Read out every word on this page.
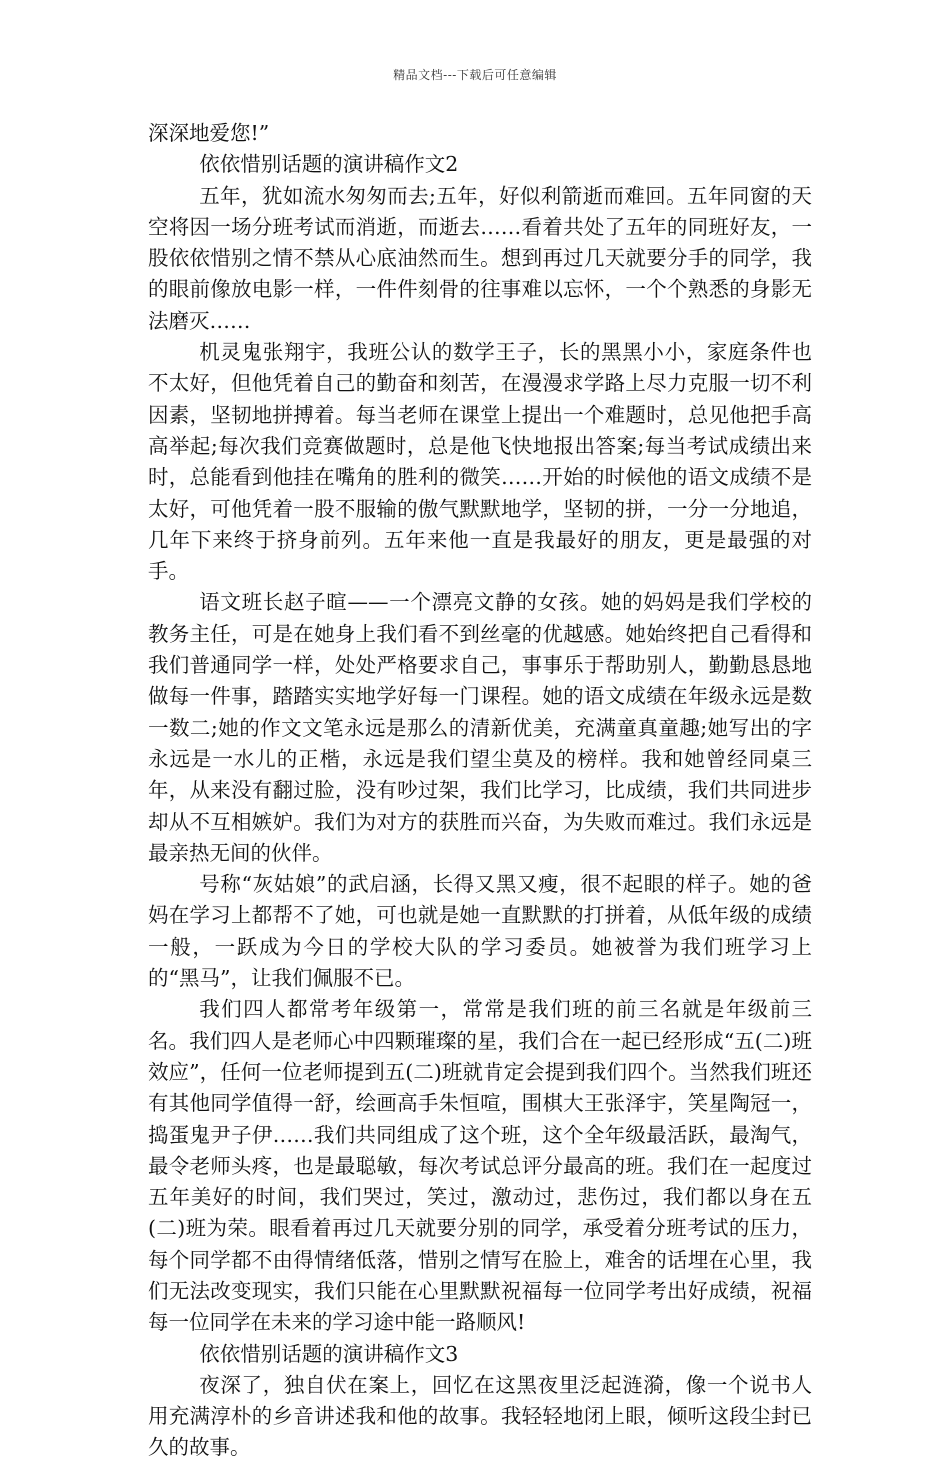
精品文档---下载后可任意编辑

深深地爱您!”

依依惜别话题的演讲稿作文2

五年，犹如流水匆匆而去;五年，好似利箭逝而难回。五年同窗的天空将因一场分班考试而消逝，而逝去……看着共处了五年的同班好友，一股依依惜别之情不禁从心底油然而生。想到再过几天就要分手的同学，我的眼前像放电影一样，一件件刻骨的往事难以忘怀，一个个熟悉的身影无法磨灭……

机灵鬼张翔宇，我班公认的数学王子，长的黑黑小小，家庭条件也不太好，但他凭着自己的勤奋和刻苦，在漫漫求学路上尽力克服一切不利因素，坚韧地拼搏着。每当老师在课堂上提出一个难题时，总见他把手高高举起;每次我们竞赛做题时，总是他飞快地报出答案;每当考试成绩出来时，总能看到他挂在嘴角的胜利的微笑……开始的时候他的语文成绩不是太好，可他凭着一股不服输的傲气默默地学，坚韧的拼，一分一分地追，几年下来终于挤身前列。五年来他一直是我最好的朋友，更是最强的对手。

语文班长赵子暄——一个漂亮文静的女孩。她的妈妈是我们学校的教务主任，可是在她身上我们看不到丝毫的优越感。她始终把自己看得和我们普通同学一样，处处严格要求自己，事事乐于帮助别人，勤勤恳恳地做每一件事，踏踏实实地学好每一门课程。她的语文成绩在年级永远是数一数二;她的作文文笔永远是那么的清新优美，充满童真童趣;她写出的字永远是一水儿的正楷，永远是我们望尘莫及的榜样。我和她曾经同桌三年，从来没有翻过脸，没有吵过架，我们比学习，比成绩，我们共同进步却从不互相嫉妒。我们为对方的获胜而兴奋，为失败而难过。我们永远是最亲热无间的伙伴。

号称“灰姑娘”的武启涵，长得又黑又瘦，很不起眼的样子。她的爸妈在学习上都帮不了她，可也就是她一直默默的打拼着，从低年级的成绩一般，一跃成为今日的学校大队的学习委员。她被誉为我们班学习上的“黑马”，让我们佩服不已。

我们四人都常考年级第一，常常是我们班的前三名就是年级前三名。我们四人是老师心中四颗璀璨的星，我们合在一起已经形成“五(二)班效应”，任何一位老师提到五(二)班就肯定会提到我们四个。当然我们班还有其他同学值得一舒，绘画高手朱恒喧，围棋大王张泽宇，笑星陶冠一，捣蛋鬼尹子伊……我们共同组成了这个班，这个全年级最活跃，最淘气，最令老师头疼，也是最聪敏，每次考试总评分最高的班。我们在一起度过五年美好的时间，我们哭过，笑过，激动过，悲伤过，我们都以身在五(二)班为荣。眼看着再过几天就要分别的同学，承受着分班考试的压力，每个同学都不由得情绪低落，惜别之情写在脸上，难舍的话埋在心里，我们无法改变现实，我们只能在心里默默祝福每一位同学考出好成绩，祝福每一位同学在未来的学习途中能一路顺风!

依依惜别话题的演讲稿作文3

夜深了，独自伏在案上，回忆在这黑夜里泛起涟漪，像一个说书人用充满淳朴的乡音讲述我和他的故事。我轻轻地闭上眼，倾听这段尘封已久的故事。
